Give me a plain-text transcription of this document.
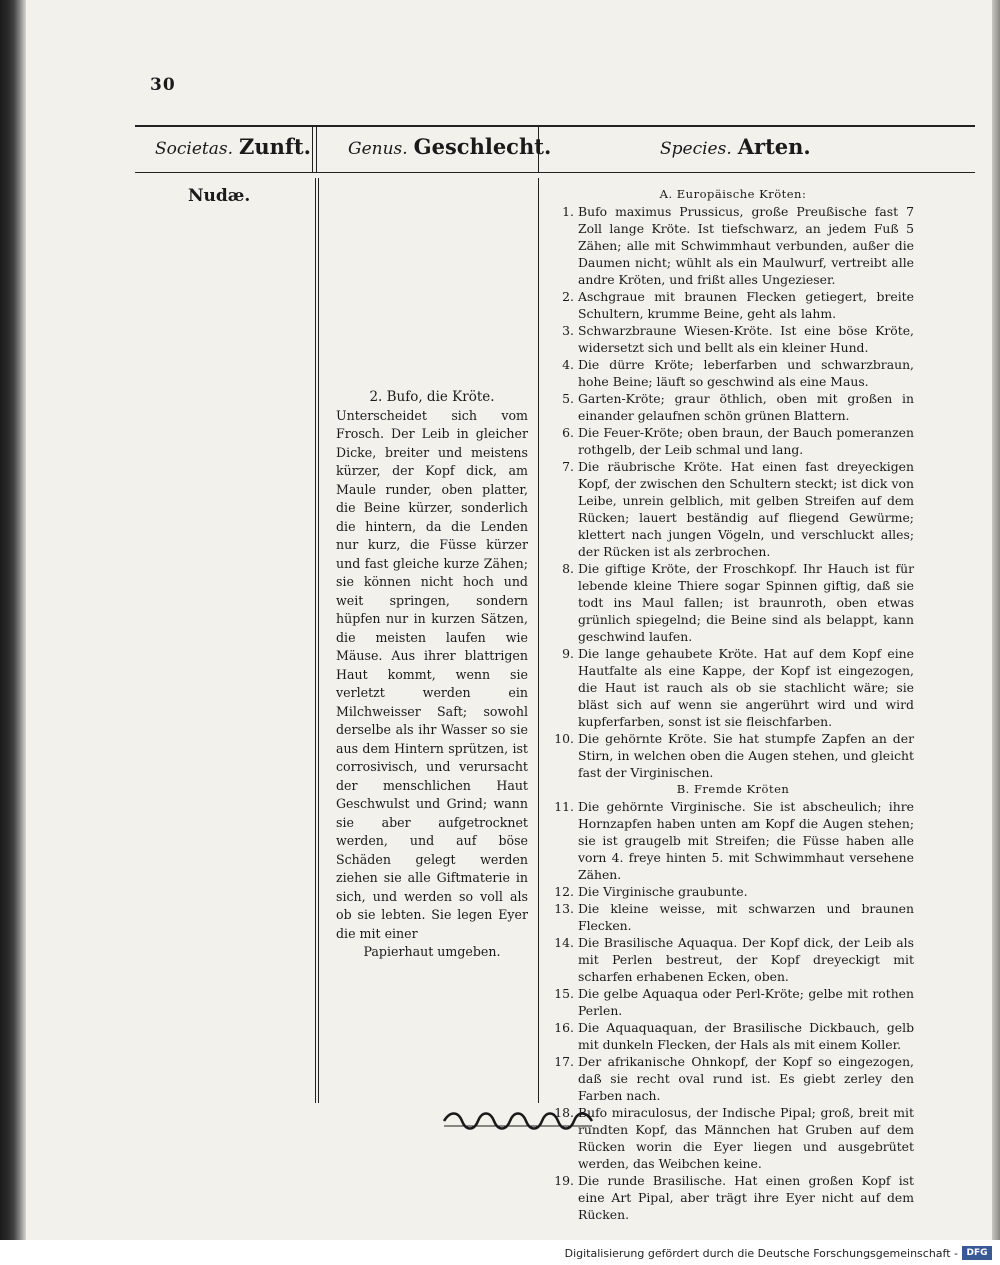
30
Societas. Zunft. Genus. Geschlecht.	Species. Arten.
Nudæ.
2. Bufo, die Kröte.
Unterscheidet sich vom Frosch. Der Leib in gleicher Dicke, breiter und meistens kürzer, der Kopf dick, am Maule runder, oben platter, die Beine kürzer, sonderlich die hintern, da die Lenden nur kurz, die Füsse kürzer und fast gleiche kurze Zähen; sie können nicht hoch und weit springen, sondern hüpfen nur in kurzen Sätzen, die meisten laufen wie Mäuse. Aus ihrer blattrigen Haut kommt, wenn sie verletzt werden ein Milchweisser Saft; sowohl derselbe als ihr Wasser so sie aus dem Hintern sprützen, ist corrosivisch, und verursacht der menschlichen Haut Geschwulst und Grind; wann sie aber aufgetrocknet werden, und auf böse Schäden gelegt werden ziehen sie alle Giftmaterie in sich, und werden so voll als ob sie lebten. Sie legen Eyer die mit einer
Papierhaut umgeben.
A. Europäische Kröten:
1. Bufo maximus Prussicus, große Preußische fast 7 Zoll lange Kröte. Ist tiefschwarz, an jedem Fuß 5 Zähen; alle mit Schwimmhaut verbunden, außer die Daumen nicht; wühlt als ein Maulwurf, vertreibt alle andre Kröten, und frißt alles Ungezieser.
2. Aschgraue mit braunen Flecken getiegert, breite Schultern, krumme Beine, geht als lahm.
3. Schwarzbraune Wiesen-Kröte. Ist eine böse Kröte, widersetzt sich und bellt als ein kleiner Hund.
4. Die dürre Kröte; leberfarben und schwarzbraun, hohe Beine; läuft so geschwind als eine Maus.
5. Garten-Kröte; graur öthlich, oben mit großen in einander gelaufnen schön grünen Blattern.
6. Die Feuer-Kröte; oben braun, der Bauch pomeranzen rothgelb, der Leib schmal und lang.
7. Die räubrische Kröte. Hat einen fast dreyeckigen Kopf, der zwischen den Schultern steckt; ist dick von Leibe, unrein gelblich, mit gelben Streifen auf dem Rücken; lauert beständig auf fliegend Gewürme; klettert nach jungen Vögeln, und verschluckt alles; der Rücken ist als zerbrochen.
8. Die giftige Kröte, der Froschkopf. Ihr Hauch ist für lebende kleine Thiere sogar Spinnen giftig, daß sie todt ins Maul fallen; ist braunroth, oben etwas grünlich spiegelnd; die Beine sind als belappt, kann geschwind laufen.
9. Die lange gehaubete Kröte. Hat auf dem Kopf eine Hautfalte als eine Kappe, der Kopf ist eingezogen, die Haut ist rauch als ob sie stachlicht wäre; sie bläst sich auf wenn sie angerührt wird und wird kupferfarben, sonst ist sie fleischfarben.
10. Die gehörnte Kröte. Sie hat stumpfe Zapfen an der Stirn, in welchen oben die Augen stehen, und gleicht fast der Virginischen.
B. Fremde Kröten
11. Die gehörnte Virginische. Sie ist abscheulich; ihre Hornzapfen haben unten am Kopf die Augen stehen; sie ist graugelb mit Streifen; die Füsse haben alle vorn 4. freye hinten 5. mit Schwimmhaut versehene Zähen.
12. Die Virginische graubunte.
13. Die kleine weisse, mit schwarzen und braunen Flecken.
14. Die Brasilische Aquaqua. Der Kopf dick, der Leib als mit Perlen bestreut, der Kopf dreyeckigt mit scharfen erhabenen Ecken, oben.
15. Die gelbe Aquaqua oder Perl-Kröte; gelbe mit rothen Perlen.
16. Die Aquaquaquan, der Brasilische Dickbauch, gelb mit dunkeln Flecken, der Hals als mit einem Koller.
17. Der afrikanische Ohnkopf, der Kopf so eingezogen, daß sie recht oval rund ist. Es giebt zerley den Farben nach.
18. Bufo miraculosus, der Indische Pipal; groß, breit mit rundten Kopf, das Männchen hat Gruben auf dem Rücken worin die Eyer liegen und ausgebrütet werden, das Weibchen keine.
19. Die runde Brasilische. Hat einen großen Kopf ist eine Art Pipal, aber trägt ihre Eyer nicht auf dem Rücken.
Digitalisierung gefördert durch die Deutsche Forschungsgemeinschaft - DFG
